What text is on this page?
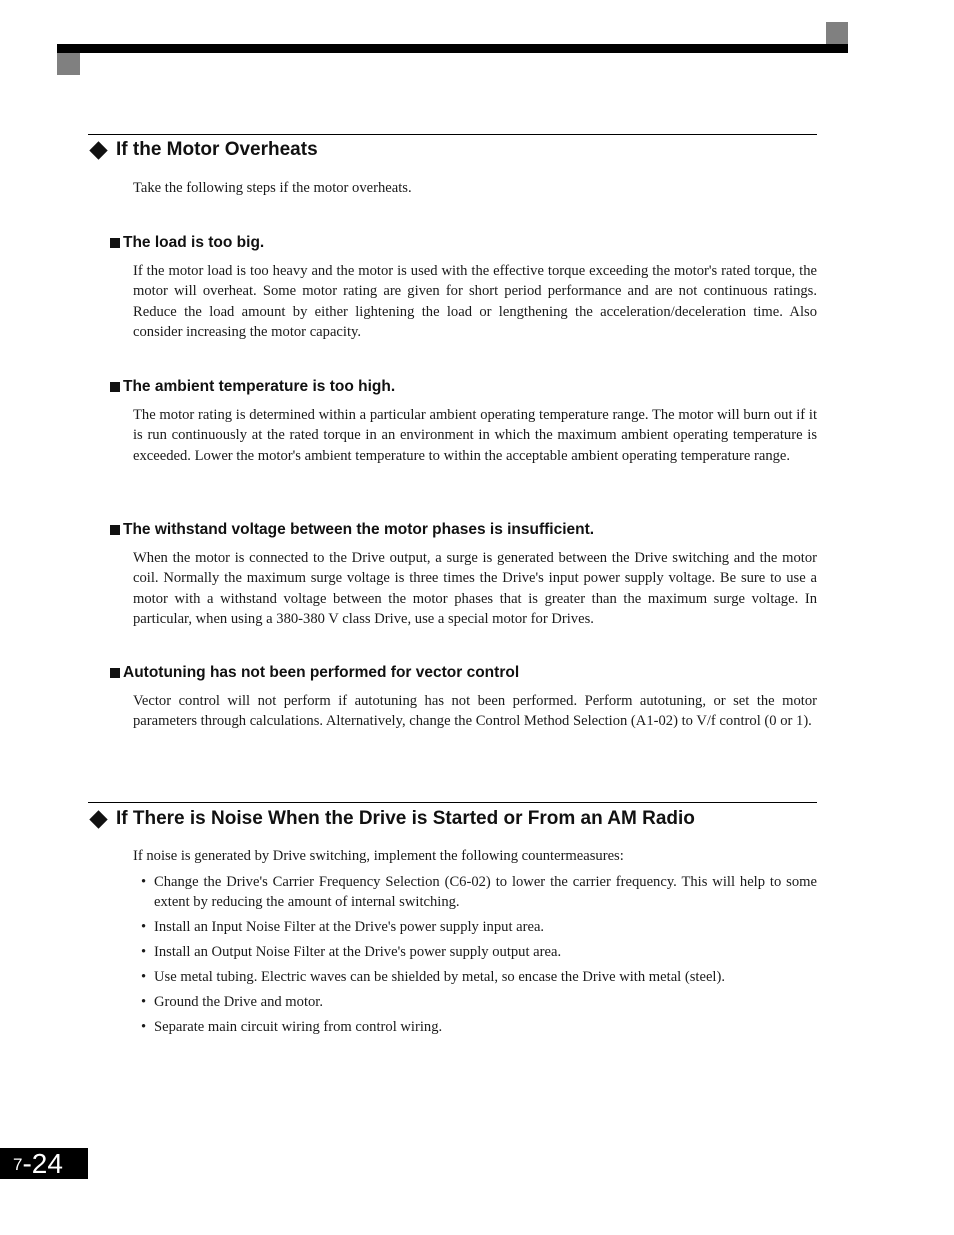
If the Motor Overheats

Take the following steps if the motor overheats.

The load is too big.

If the motor load is too heavy and the motor is used with the effective torque exceeding the motor's rated torque, the motor will overheat. Some motor rating are given for short period performance and are not continuous ratings. Reduce the load amount by either lightening the load or lengthening the acceleration/deceleration time. Also consider increasing the motor capacity.

The ambient temperature is too high.

The motor rating is determined within a particular ambient operating temperature range. The motor will burn out if it is run continuously at the rated torque in an environment in which the maximum ambient operating temperature is exceeded. Lower the motor's ambient temperature to within the acceptable ambient operating temperature range.

The withstand voltage between the motor phases is insufficient.

When the motor is connected to the Drive output, a surge is generated between the Drive switching and the motor coil. Normally the maximum surge voltage is three times the Drive's input power supply voltage. Be sure to use a motor with a withstand voltage between the motor phases that is greater than the maximum surge voltage. In particular, when using a 380-380 V class Drive, use a special motor for Drives.

Autotuning has not been performed for vector control

Vector control will not perform if autotuning has not been performed. Perform autotuning, or set the motor parameters through calculations. Alternatively, change the Control Method Selection (A1-02) to V/f control (0 or 1).

If There is Noise When the Drive is Started or From an AM Radio

If noise is generated by Drive switching, implement the following countermeasures:

• Change the Drive's Carrier Frequency Selection (C6-02) to lower the carrier frequency. This will help to some extent by reducing the amount of internal switching.
• Install an Input Noise Filter at the Drive's power supply input area.
• Install an Output Noise Filter at the Drive's power supply output area.
• Use metal tubing. Electric waves can be shielded by metal, so encase the Drive with metal (steel).
• Ground the Drive and motor.
• Separate main circuit wiring from control wiring.
7 -24
